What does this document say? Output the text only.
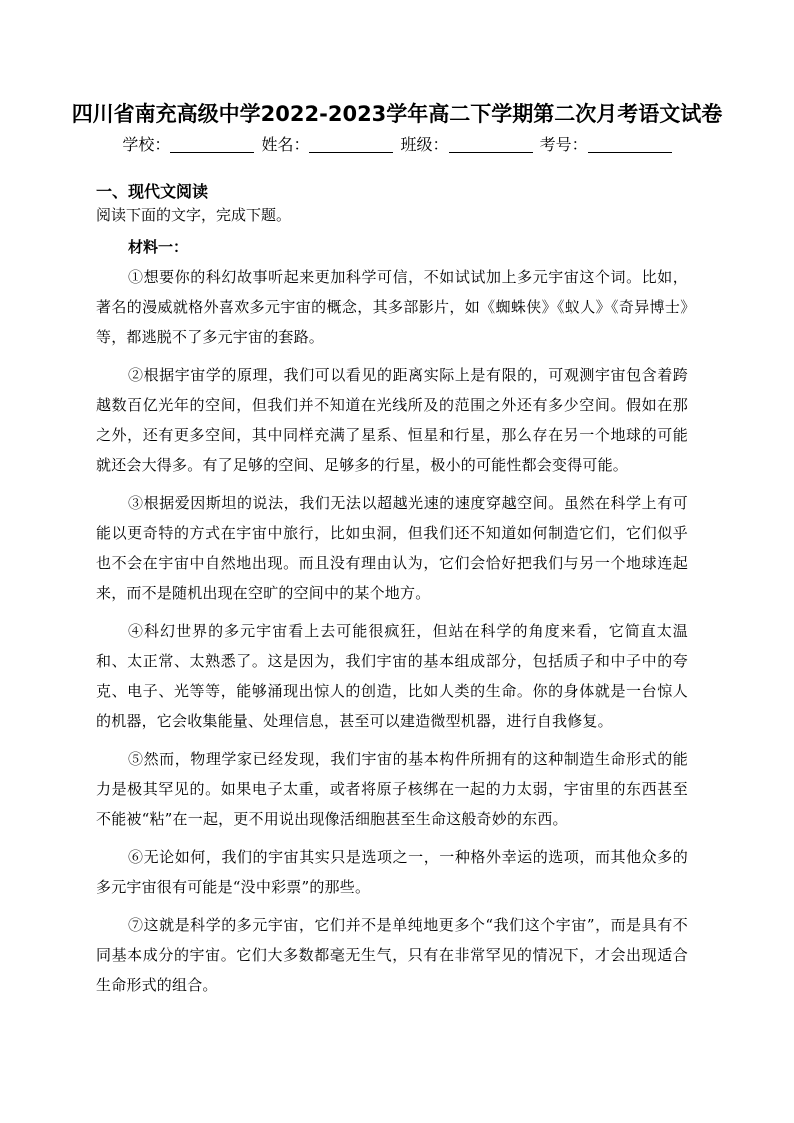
四川省南充高级中学2022-2023学年高二下学期第二次月考语文试卷
学校：	姓名：	班级：	考号：
一、现代文阅读
阅读下面的文字，完成下题。
材料一：

①想要你的科幻故事听起来更加科学可信，不如试试加上多元宇宙这个词。比如，著名的漫威就格外喜欢多元宇宙的概念，其多部影片，如《蜘蛛侠》《蚁人》《奇异博士》等，都逃脱不了多元宇宙的套路。

②根据宇宙学的原理，我们可以看见的距离实际上是有限的，可观测宇宙包含着跨越数百亿光年的空间，但我们并不知道在光线所及的范围之外还有多少空间。假如在那之外，还有更多空间，其中同样充满了星系、恒星和行星，那么存在另一个地球的可能就还会大得多。有了足够的空间、足够多的行星，极小的可能性都会变得可能。

③根据爱因斯坦的说法，我们无法以超越光速的速度穿越空间。虽然在科学上有可能以更奇特的方式在宇宙中旅行，比如虫洞，但我们还不知道如何制造它们，它们似乎也不会在宇宙中自然地出现。而且没有理由认为，它们会恰好把我们与另一个地球连起来，而不是随机出现在空旷的空间中的某个地方。

④科幻世界的多元宇宙看上去可能很疯狂，但站在科学的角度来看，它简直太温和、太正常、太熟悉了。这是因为，我们宇宙的基本组成部分，包括质子和中子中的夸克、电子、光等等，能够涌现出惊人的创造，比如人类的生命。你的身体就是一台惊人的机器，它会收集能量、处理信息，甚至可以建造微型机器，进行自我修复。

⑤然而，物理学家已经发现，我们宇宙的基本构件所拥有的这种制造生命形式的能力是极其罕见的。如果电子太重，或者将原子核绑在一起的力太弱，宇宙里的东西甚至不能被“粘”在一起，更不用说出现像活细胞甚至生命这般奇妙的东西。

⑥无论如何，我们的宇宙其实只是选项之一，一种格外幸运的选项，而其他众多的多元宇宙很有可能是“没中彩票”的那些。

⑦这就是科学的多元宇宙，它们并不是单纯地更多个“我们这个宇宙”，而是具有不同基本成分的宇宙。它们大多数都毫无生气，只有在非常罕见的情况下，才会出现适合生命形式的组合。
